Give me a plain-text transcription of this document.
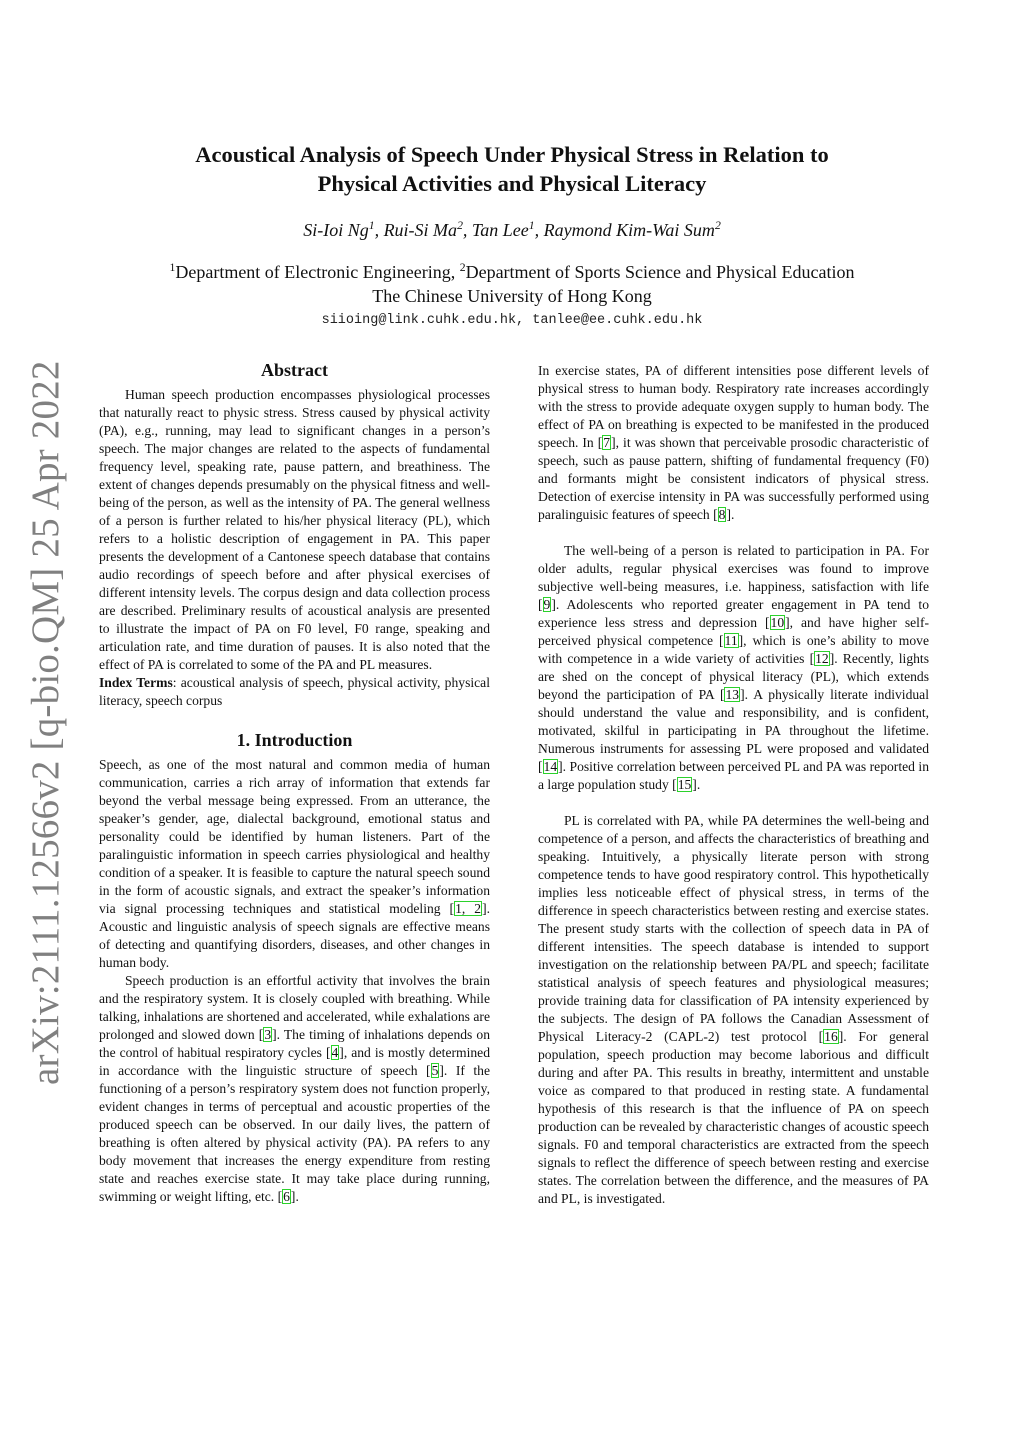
arXiv:2111.12566v2 [q-bio.QM] 25 Apr 2022
Acoustical Analysis of Speech Under Physical Stress in Relation to
Physical Activities and Physical Literacy
Si-Ioi Ng$^1$, Rui-Si Ma$^2$, Tan Lee$^1$, Raymond Kim-Wai Sum$^2$
$^1$Department of Electronic Engineering, $^2$Department of Sports Science and Physical Education
The Chinese University of Hong Kong
siioing@link.cuhk.edu.hk, tanlee@ee.cuhk.edu.hk
Abstract

Human speech production encompasses physiological processes that naturally react to physic stress. Stress caused by physical activity (PA), e.g., running, may lead to significant changes in a person’s speech. The major changes are related to the aspects of fundamental frequency level, speaking rate, pause pattern, and breathiness. The extent of changes depends presumably on the physical fitness and well-being of the person, as well as the intensity of PA. The general wellness of a person is further related to his/her physical literacy (PL), which refers to a holistic description of engagement in PA. This paper presents the development of a Cantonese speech database that contains audio recordings of speech before and after physical exercises of different intensity levels. The corpus design and data collection process are described. Preliminary results of acoustical analysis are presented to illustrate the impact of PA on F0 level, F0 range, speaking and articulation rate, and time duration of pauses. It is also noted that the effect of PA is correlated to some of the PA and PL measures.

Index Terms: acoustical analysis of speech, physical activity, physical literacy, speech corpus

1. Introduction

Speech, as one of the most natural and common media of human communication, carries a rich array of information that extends far beyond the verbal message being expressed. From an utterance, the speaker’s gender, age, dialectal background, emotional status and personality could be identified by human listeners. Part of the paralinguistic information in speech carries physiological and healthy condition of a speaker. It is feasible to capture the natural speech sound in the form of acoustic signals, and extract the speaker’s information via signal processing techniques and statistical modeling [1, 2]. Acoustic and linguistic analysis of speech signals are effective means of detecting and quantifying disorders, diseases, and other changes in human body.

Speech production is an effortful activity that involves the brain and the respiratory system. It is closely coupled with breathing. While talking, inhalations are shortened and accelerated, while exhalations are prolonged and slowed down [3]. The timing of inhalations depends on the control of habitual respiratory cycles [4], and is mostly determined in accordance with the linguistic structure of speech [5]. If the functioning of a person’s respiratory system does not function properly, evident changes in terms of perceptual and acoustic properties of the produced speech can be observed. In our daily lives, the pattern of breathing is often altered by physical activity (PA). PA refers to any body movement that increases the energy expenditure from resting state and reaches exercise state. It may take place during running, swimming or weight lifting, etc. [6].

In exercise states, PA of different intensities pose different levels of physical stress to human body. Respiratory rate increases accordingly with the stress to provide adequate oxygen supply to human body. The effect of PA on breathing is expected to be manifested in the produced speech. In [7], it was shown that perceivable prosodic characteristic of speech, such as pause pattern, shifting of fundamental frequency (F0) and formants might be consistent indicators of physical stress. Detection of exercise intensity in PA was successfully performed using paralinguisic features of speech [8].

The well-being of a person is related to participation in PA. For older adults, regular physical exercises was found to improve subjective well-being measures, i.e. happiness, satisfaction with life [9]. Adolescents who reported greater engagement in PA tend to experience less stress and depression [10], and have higher self-perceived physical competence [11], which is one’s ability to move with competence in a wide variety of activities [12]. Recently, lights are shed on the concept of physical literacy (PL), which extends beyond the participation of PA [13]. A physically literate individual should understand the value and responsibility, and is confident, motivated, skilful in participating in PA throughout the lifetime. Numerous instruments for assessing PL were proposed and validated [14]. Positive correlation between perceived PL and PA was reported in a large population study [15].

PL is correlated with PA, while PA determines the well-being and competence of a person, and affects the characteristics of breathing and speaking. Intuitively, a physically literate person with strong competence tends to have good respiratory control. This hypothetically implies less noticeable effect of physical stress, in terms of the difference in speech characteristics between resting and exercise states. The present study starts with the collection of speech data in PA of different intensities. The speech database is intended to support investigation on the relationship between PA/PL and speech; facilitate statistical analysis of speech features and physiological measures; provide training data for classification of PA intensity experienced by the subjects. The design of PA follows the Canadian Assessment of Physical Literacy-2 (CAPL-2) test protocol [16]. For general population, speech production may become laborious and difficult during and after PA. This results in breathy, intermittent and unstable voice as compared to that produced in resting state. A fundamental hypothesis of this research is that the influence of PA on speech production can be revealed by characteristic changes of acoustic speech signals. F0 and temporal characteristics are extracted from the speech signals to reflect the difference of speech between resting and exercise states. The correlation between the difference, and the measures of PA and PL, is investigated.
